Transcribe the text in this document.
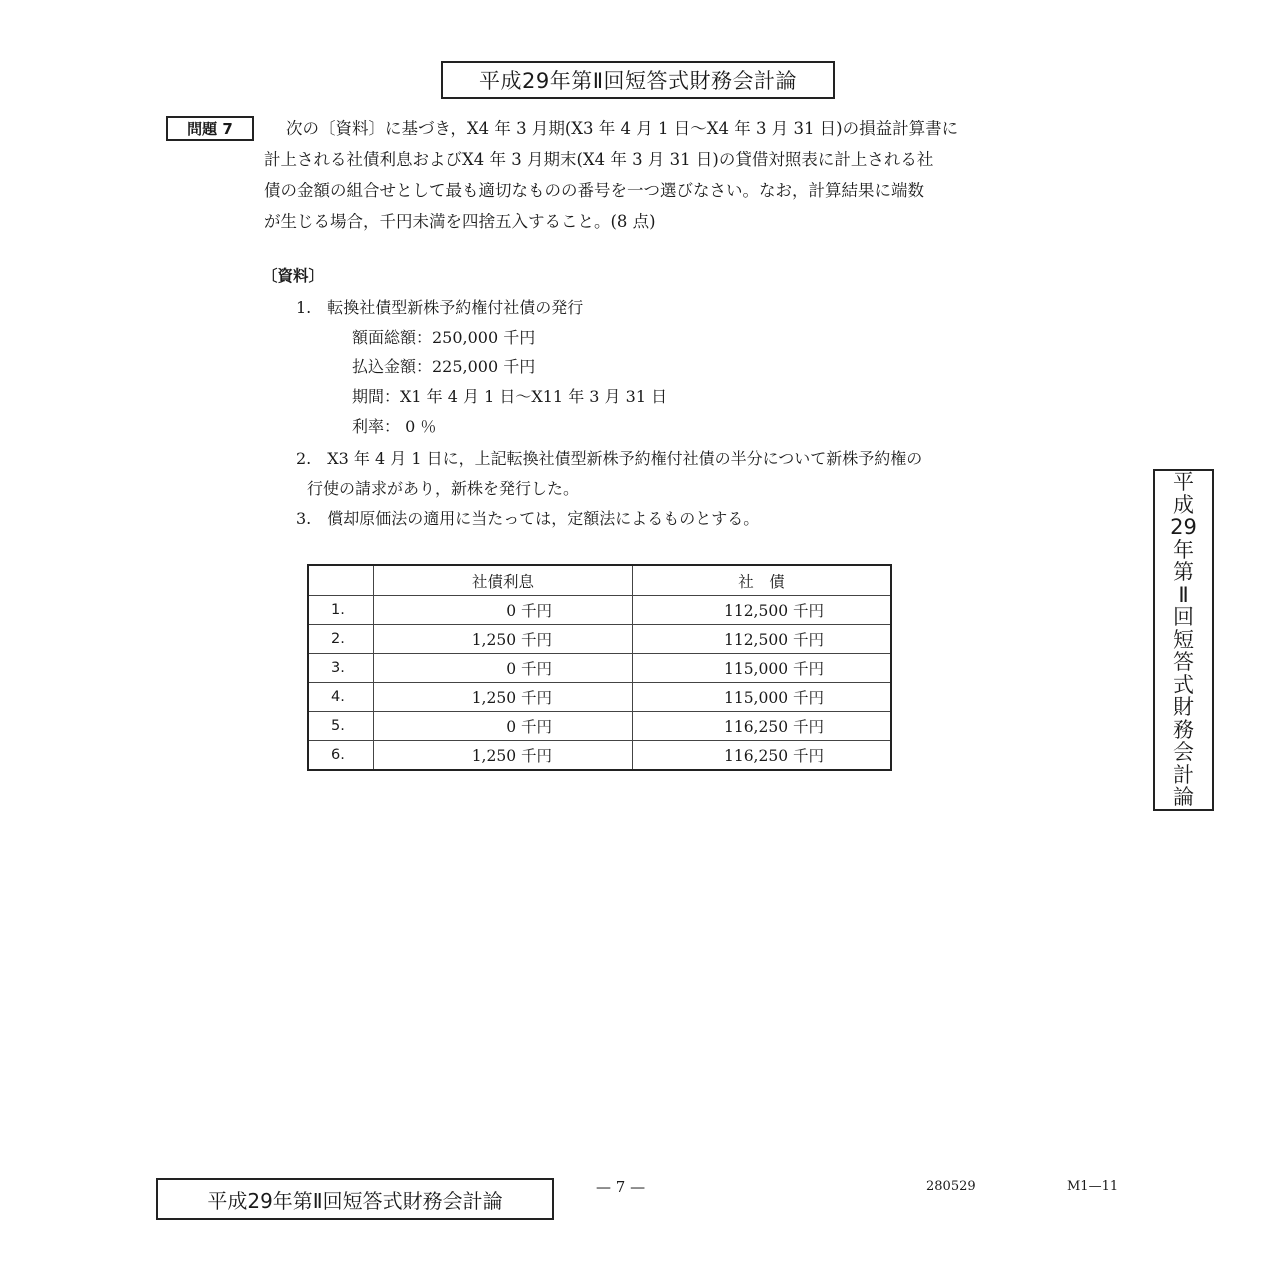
平成29年第Ⅱ回短答式財務会計論
問題 7	次の〔資料〕に基づき，X4 年 3 月期(X3 年 4 月 1 日～X4 年 3 月 31 日)の損益計算書に

計上される社債利息およびX4 年 3 月期末(X4 年 3 月 31 日)の貸借対照表に計上される社

債の金額の組合せとして最も適切なものの番号を一つ選びなさい。なお，計算結果に端数

が生じる場合，千円未満を四捨五入すること。(8 点)

〔資料〕
1.　転換社債型新株予約権付社債の発行
額面総額：250,000 千円
払込金額：225,000 千円
期間：X1 年 4 月 1 日～X11 年 3 月 31 日
利率： 0 ％
2.　X3 年 4 月 1 日に，上記転換社債型新株予約権付社債の半分について新株予約権の
行使の請求があり，新株を発行した。
3.　償却原価法の適用に当たっては，定額法によるものとする。
	社債利息	社　債
1.	0 千円	112,500 千円
2.	1,250 千円	112,500 千円
3.	0 千円	115,000 千円
4.	1,250 千円	115,000 千円
5.	0 千円	116,250 千円
6.	1,250 千円	116,250 千円
平
成
29
年
第
Ⅱ
回
短
答
式
財
務
会
計
論
平成29年第Ⅱ回短答式財務会計論
— 7 —	280529	M1—11
